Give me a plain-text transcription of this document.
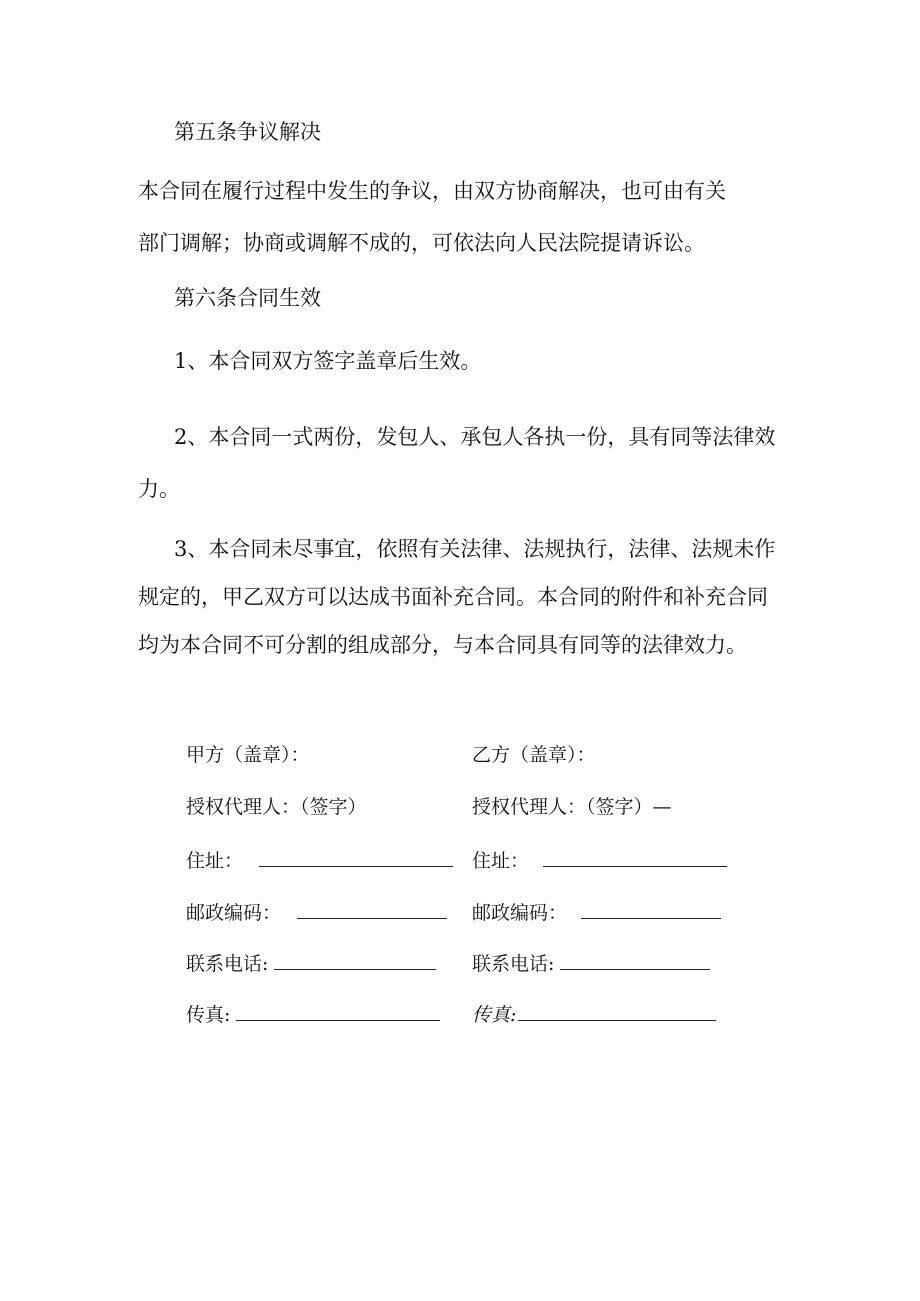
第五条争议解决
本合同在履行过程中发生的争议，由双方协商解决，也可由有关
部门调解；协商或调解不成的，可依法向人民法院提请诉讼。
第六条合同生效
1、本合同双方签字盖章后生效。
2、本合同一式两份，发包人、承包人各执一份，具有同等法律效
力。
3、本合同未尽事宜，依照有关法律、法规执行，法律、法规未作
规定的，甲乙双方可以达成书面补充合同。本合同的附件和补充合同
均为本合同不可分割的组成部分，与本合同具有同等的法律效力。
甲方（盖章）：
授权代理人：（签字）
住址：
邮政编码：
联系电话:
传真:
乙方（盖章）：
授权代理人：（签字）—
住址：
邮政编码：
联系电话:
传真:
